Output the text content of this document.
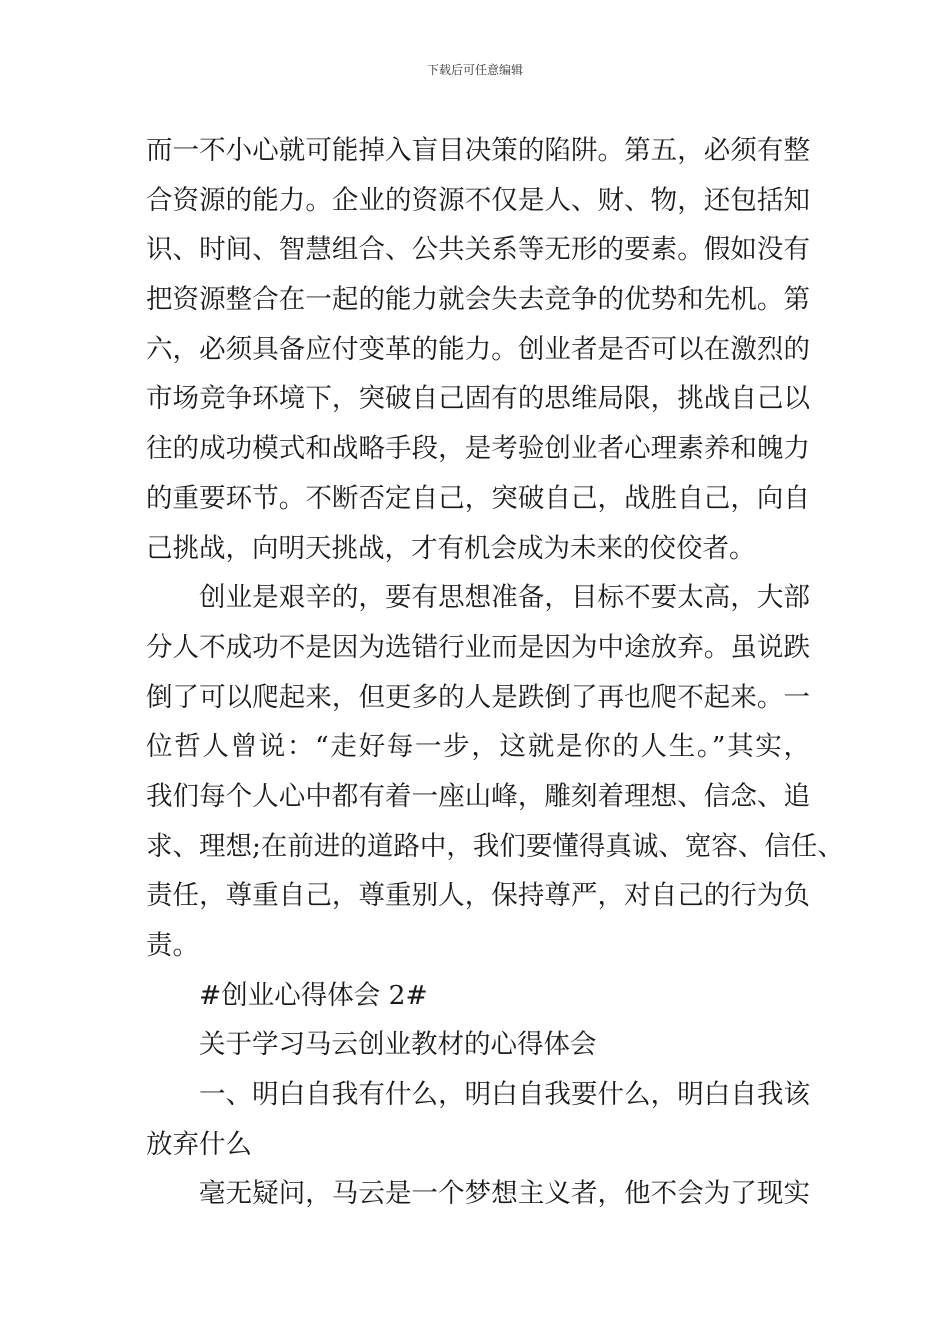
下载后可任意编辑
而一不小心就可能掉入盲目决策的陷阱。第五，必须有整
合资源的能力。企业的资源不仅是人、财、物，还包括知
识、时间、智慧组合、公共关系等无形的要素。假如没有
把资源整合在一起的能力就会失去竞争的优势和先机。第
六，必须具备应付变革的能力。创业者是否可以在激烈的
市场竞争环境下，突破自己固有的思维局限，挑战自己以
往的成功模式和战略手段，是考验创业者心理素养和魄力
的重要环节。不断否定自己，突破自己，战胜自己，向自
己挑战，向明天挑战，才有机会成为未来的佼佼者。
创业是艰辛的，要有思想准备，目标不要太高，大部
分人不成功不是因为选错行业而是因为中途放弃。虽说跌
倒了可以爬起来，但更多的人是跌倒了再也爬不起来。一
位哲人曾说：“走好每一步，这就是你的人生。”其实，
我们每个人心中都有着一座山峰，雕刻着理想、信念、追
求、理想;在前进的道路中，我们要懂得真诚、宽容、信任、
责任，尊重自己，尊重别人，保持尊严，对自己的行为负
责。
#创业心得体会 2#
关于学习马云创业教材的心得体会
一、明白自我有什么，明白自我要什么，明白自我该
放弃什么
毫无疑问，马云是一个梦想主义者，他不会为了现实
